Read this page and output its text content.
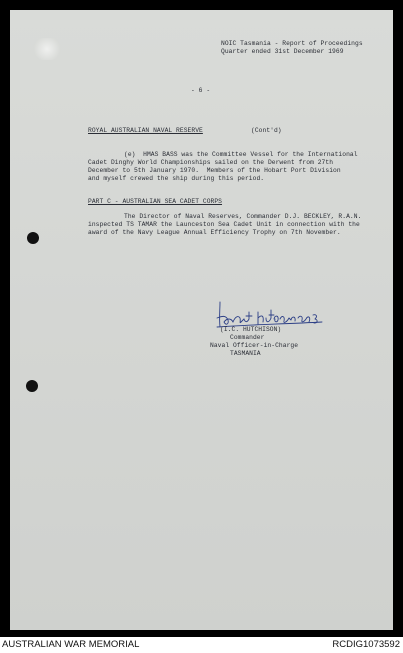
NOIC Tasmania - Report of Proceedings
Quarter ended 31st December 1969
- 6 -
ROYAL AUSTRALIAN NAVAL RESERVE	(Cont'd)
(e)  HMAS BASS was the Committee Vessel for the International
Cadet Dinghy World Championships sailed on the Derwent from 27th
December to 5th January 1970.  Members of the Hobart Port Division
and myself crewed the ship during this period.
PART C - AUSTRALIAN SEA CADET CORPS
The Director of Naval Reserves, Commander D.J. BECKLEY, R.A.N.
inspected TS TAMAR the Launceston Sea Cadet Unit in connection with the
award of the Navy League Annual Efficiency Trophy on 7th November.
(I.C. HUTCHISON)
Commander
Naval Officer-in-Charge
TASMANIA
AUSTRALIAN WAR MEMORIAL	RCDIG1073592
